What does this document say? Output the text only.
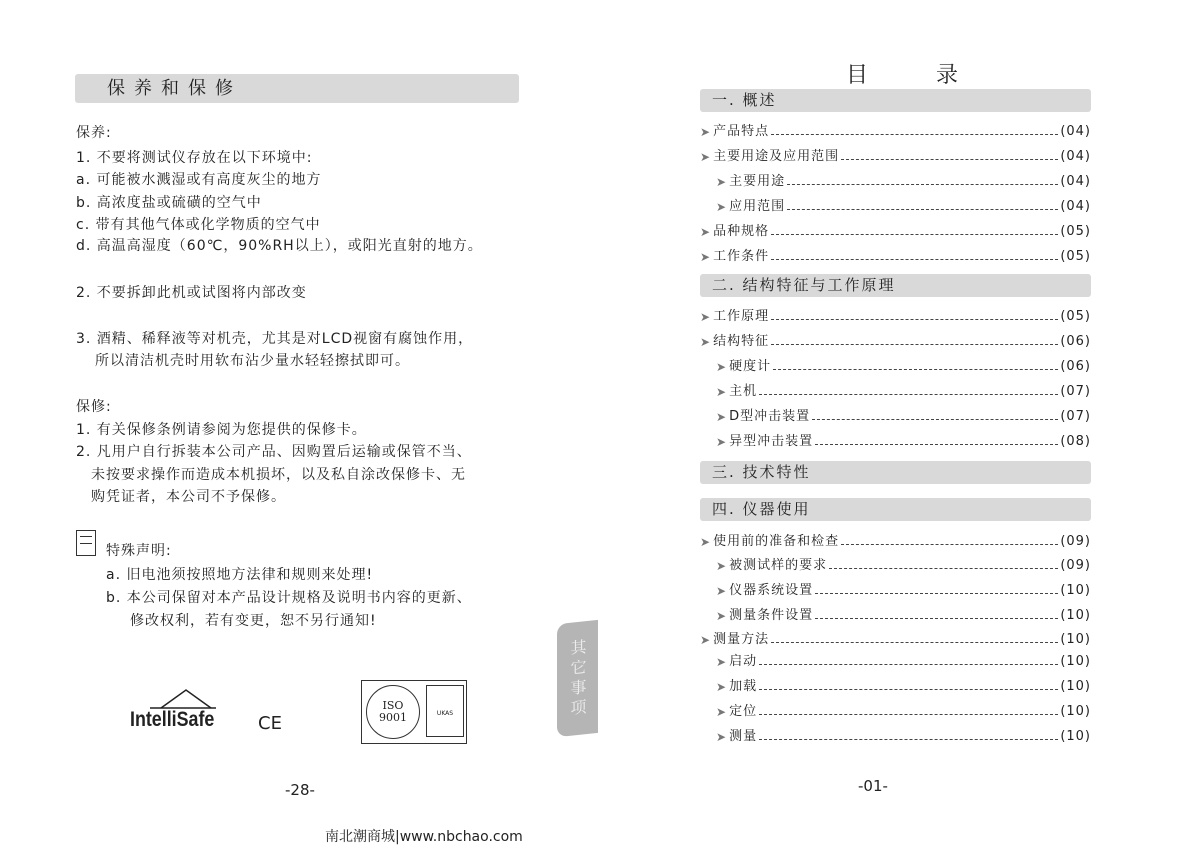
保养和保修
保养:
1. 不要将测试仪存放在以下环境中:
a. 可能被水溅湿或有高度灰尘的地方
b. 高浓度盐或硫磺的空气中
c. 带有其他气体或化学物质的空气中
d. 高温高湿度（60℃，90%RH以上），或阳光直射的地方。
2. 不要拆卸此机或试图将内部改变
3. 酒精、稀释液等对机壳，尤其是对LCD视窗有腐蚀作用，
所以清洁机壳时用软布沾少量水轻轻擦拭即可。
保修:
1. 有关保修条例请参阅为您提供的保修卡。
2. 凡用户自行拆装本公司产品、因购置后运输或保管不当、
未按要求操作而造成本机损坏，以及私自涂改保修卡、无
购凭证者，本公司不予保修。
特殊声明:
a. 旧电池须按照地方法律和规则来处理!
b. 本公司保留对本产品设计规格及说明书内容的更新、
修改权利，若有变更，恕不另行通知!
IntelliSafe CE
ISO 9001	UKAS	其它事项
-28-
目	录
一. 概述
二. 结构特征与工作原理
三. 技术特性
四. 仪器使用
➤ 产品特点	(04)
➤ 主要用途及应用范围	(04)
➤ 主要用途	(04)
➤ 应用范围	(04)
➤ 品种规格	(05)
➤ 工作条件	(05)
➤ 工作原理	(05)
➤ 结构特征	(06)
➤ 硬度计	(06)
➤ 主机	(07)
➤ D型冲击装置	(07)
➤ 异型冲击装置	(08)
➤ 使用前的准备和检查	(09)
➤ 被测试样的要求	(09)
➤ 仪器系统设置	(10)
➤ 测量条件设置	(10)
➤ 测量方法	(10)
➤ 启动	(10)
➤ 加载	(10)
➤ 定位	(10)
➤ 测量	(10)
-01-
南北潮商城|www.nbchao.com
